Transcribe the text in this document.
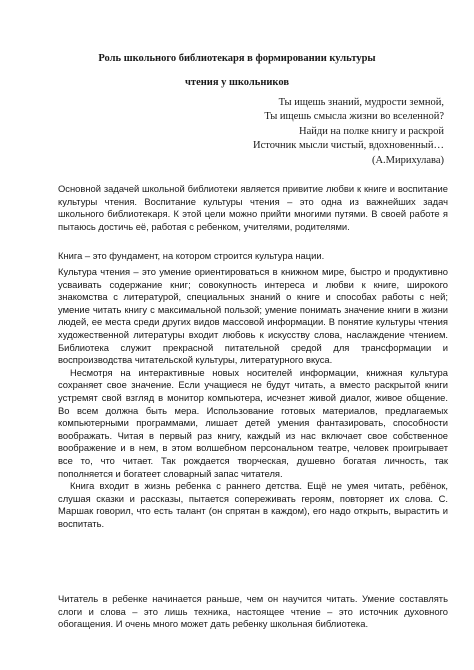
Роль школьного библиотекаря в формировании культуры
чтения у школьников
Ты ищешь знаний, мудрости земной,
Ты ищешь смысла жизни во вселенной?
Найди на полке книгу и раскрой
Источник мысли чистый, вдохновенный…
(А.Мирихулава)

Основной задачей школьной библиотеки является привитие любви к книге и воспитание культуры чтения. Воспитание культуры чтения – это одна из важнейших задач школьного библиотекаря. К этой цели можно прийти многими путями. В своей работе я пытаюсь достичь её, работая с ребенком, учителями, родителями.

Книга – это фундамент, на котором строится культура нации.

Культура чтения – это умение ориентироваться в книжном мире, быстро и продуктивно усваивать содержание книг; совокупность интереса и любви к книге, широкого знакомства с литературой, специальных знаний о книге и способах работы с ней; умение читать книгу с максимальной пользой; умение понимать значение книги в жизни людей, ее места среди других видов массовой информации. В понятие культуры чтения художественной литературы входит любовь к искусству слова, наслаждение чтением. Библиотека служит прекрасной питательной средой для трансформации и воспроизводства читательской культуры, литературного вкуса.

Несмотря на интерактивные новых носителей информации, книжная культура сохраняет свое значение. Если учащиеся не будут читать, а вместо раскрытой книги устремят свой взгляд в монитор компьютера, исчезнет живой диалог, живое общение. Во всем должна быть мера. Использование готовых материалов, предлагаемых компьютерными программами, лишает детей умения фантазировать, способности воображать. Читая в первый раз книгу, каждый из нас включает свое собственное воображение и в нем, в этом волшебном персональном театре, человек проигрывает все то, что читает. Так рождается творческая, душевно богатая личность, так пополняется и богатеет словарный запас читателя.

Книга входит в жизнь ребенка с раннего детства. Ещё не умея читать, ребёнок, слушая сказки и рассказы, пытается сопереживать героям, повторяет их слова. С. Маршак говорил, что есть талант (он спрятан в каждом), его надо открыть, вырастить и воспитать.

Читатель в ребенке начинается раньше, чем он научится читать. Умение составлять слоги и слова – это лишь техника, настоящее чтение – это источник духовного обогащения. И очень много может дать ребенку школьная библиотека.
